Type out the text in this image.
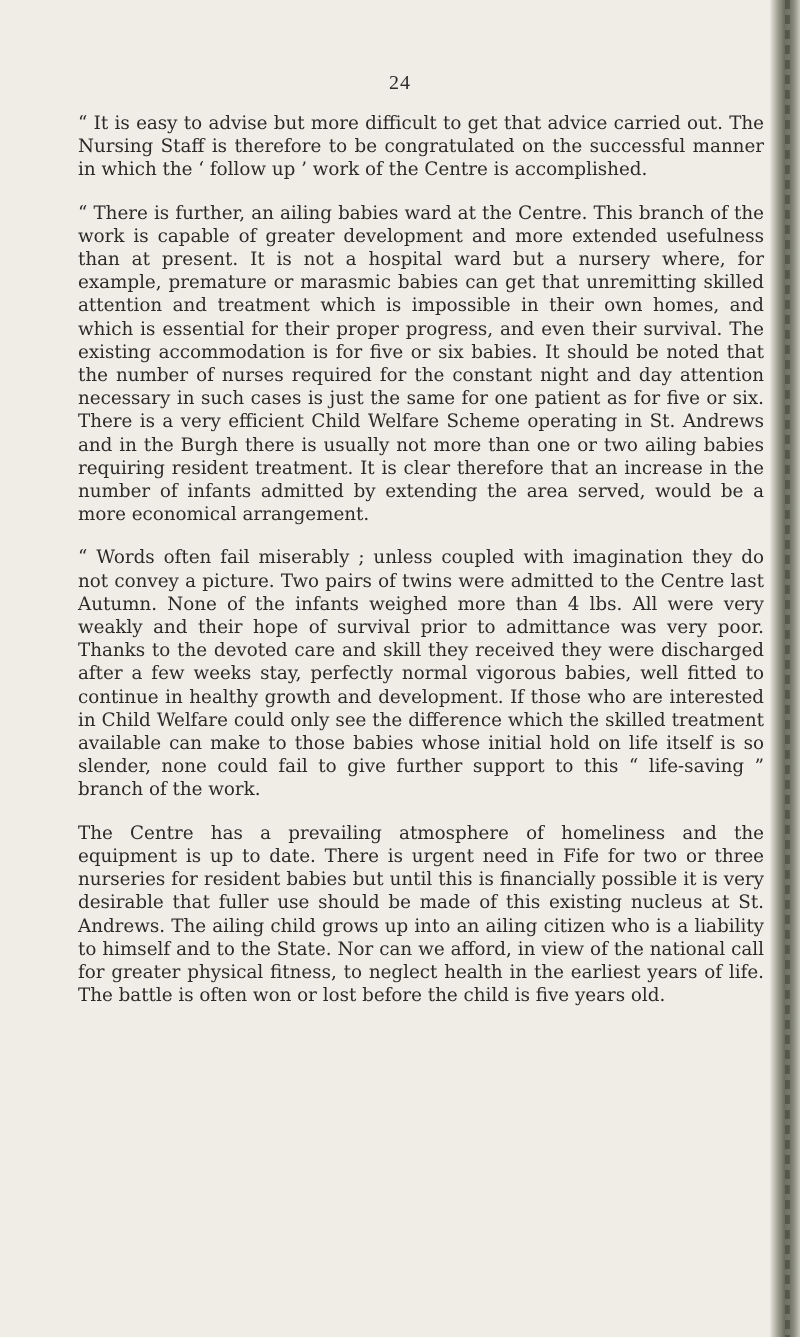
24

“ It is easy to advise but more difficult to get that advice carried out. The Nursing Staff is therefore to be congratulated on the successful manner in which the ‘ follow up ’ work of the Centre is accomplished.

“ There is further, an ailing babies ward at the Centre. This branch of the work is capable of greater development and more extended usefulness than at present. It is not a hospital ward but a nursery where, for example, premature or marasmic babies can get that unremitting skilled attention and treatment which is impossible in their own homes, and which is essential for their proper progress, and even their survival. The existing accommodation is for five or six babies. It should be noted that the number of nurses required for the constant night and day attention necessary in such cases is just the same for one patient as for five or six. There is a very efficient Child Welfare Scheme operating in St. Andrews and in the Burgh there is usually not more than one or two ailing babies requiring resident treatment. It is clear therefore that an increase in the number of infants admitted by extending the area served, would be a more economical arrangement.

“ Words often fail miserably ; unless coupled with imagination they do not convey a picture. Two pairs of twins were admitted to the Centre last Autumn. None of the infants weighed more than 4 lbs. All were very weakly and their hope of survival prior to admittance was very poor. Thanks to the devoted care and skill they received they were discharged after a few weeks stay, perfectly normal vigorous babies, well fitted to continue in healthy growth and development. If those who are interested in Child Welfare could only see the difference which the skilled treatment available can make to those babies whose initial hold on life itself is so slender, none could fail to give further support to this “ life-saving ” branch of the work.

The Centre has a prevailing atmosphere of homeliness and the equipment is up to date. There is urgent need in Fife for two or three nurseries for resident babies but until this is financially possible it is very desirable that fuller use should be made of this existing nucleus at St. Andrews. The ailing child grows up into an ailing citizen who is a liability to himself and to the State. Nor can we afford, in view of the national call for greater physical fitness, to neglect health in the earliest years of life. The battle is often won or lost before the child is five years old.
